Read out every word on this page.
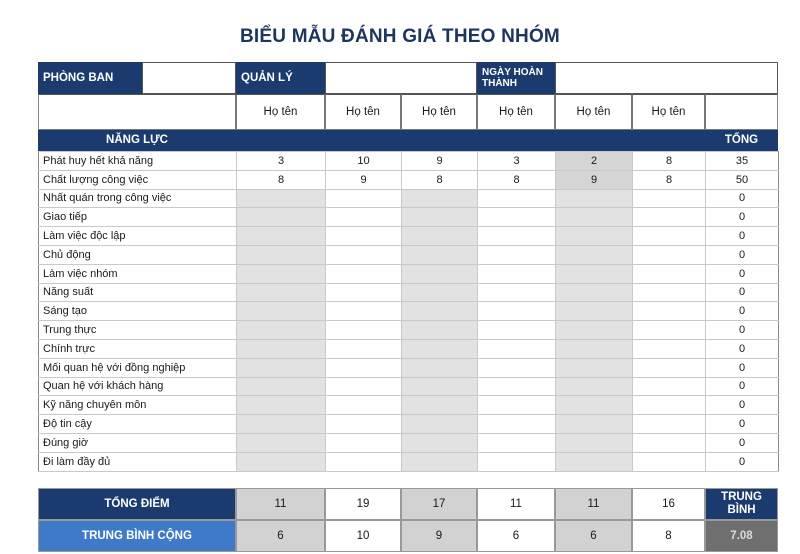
BIỂU MẪU ĐÁNH GIÁ THEO NHÓM
PHÒNG BAN	QUẢN LÝ	NGÀY HOÀN
THÀNH
Họ tên	Họ tên	Họ tên	Họ tên	Họ tên	Họ tên
NĂNG LỰC	TỔNG
Phát huy hết khả năng	3	10	9	3	2	8	35
Chất lượng công việc	8	9	8	8	9	8	50
Nhất quán trong công việc							0
Giao tiếp							0
Làm việc độc lập							0
Chủ động							0
Làm việc nhóm							0
Năng suất							0
Sáng tạo							0
Trung thực							0
Chính trực							0
Mối quan hệ với đồng nghiệp							0
Quan hệ với khách hàng							0
Kỹ năng chuyên môn							0
Độ tin cậy							0
Đúng giờ							0
Đi làm đầy đủ							0
TỔNG ĐIỂM	11	19	17	11	11	16
TRUNG
BÌNH
TRUNG BÌNH CỘNG	6	10	9	6	6	8	7.08
